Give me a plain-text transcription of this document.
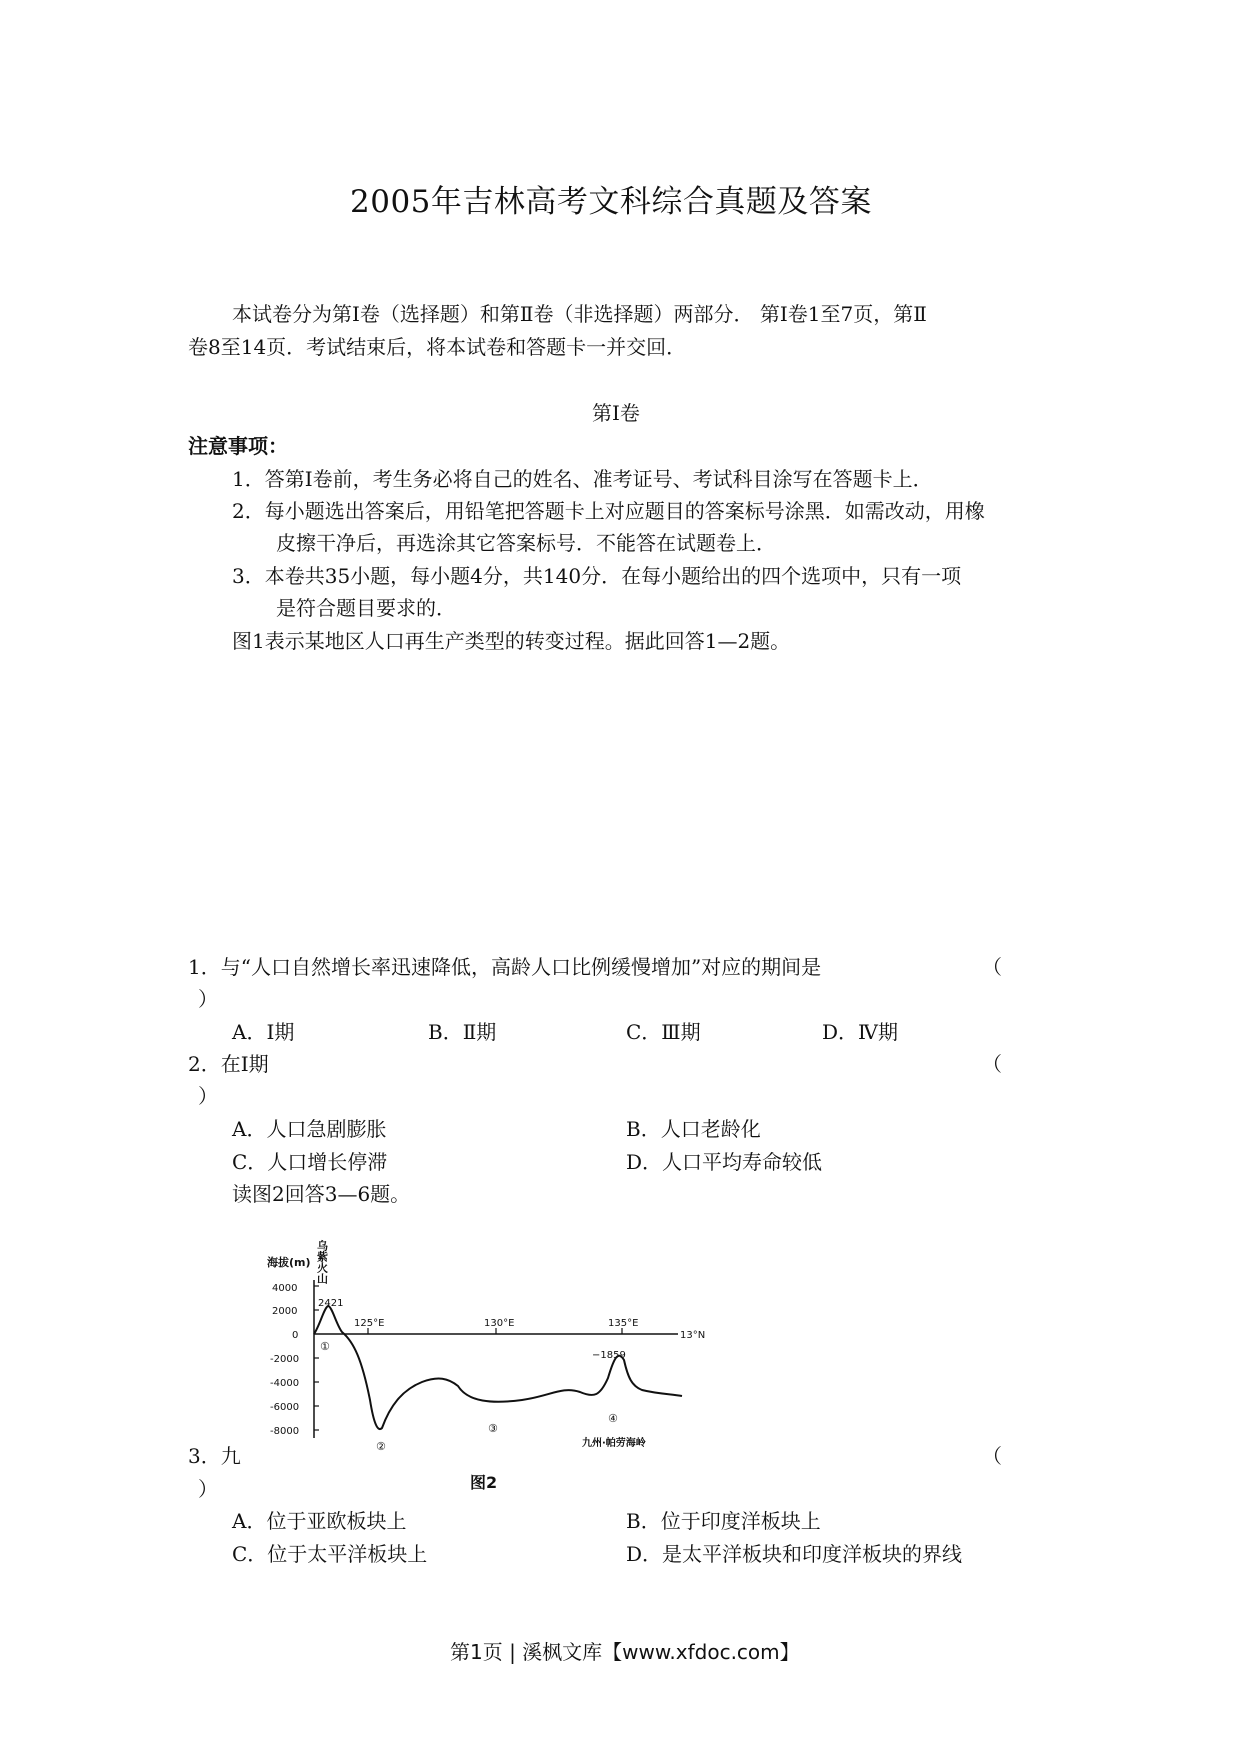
2005年吉林高考文科综合真题及答案
本试卷分为第Ⅰ卷（选择题）和第Ⅱ卷（非选择题）两部分． 第Ⅰ卷1至7页，第Ⅱ
卷8至14页．考试结束后，将本试卷和答题卡一并交回．
第Ⅰ卷
注意事项：
1．答第Ⅰ卷前，考生务必将自己的姓名、准考证号、考试科目涂写在答题卡上．
2．每小题选出答案后，用铅笔把答题卡上对应题目的答案标号涂黑．如需改动，用橡
皮擦干净后，再选涂其它答案标号．不能答在试题卷上．
3．本卷共35小题，每小题4分，共140分．在每小题给出的四个选项中，只有一项
是符合题目要求的．
图1表示某地区人口再生产类型的转变过程。据此回答1—2题。
1．与“人口自然增长率迅速降低，高龄人口比例缓慢增加”对应的期间是	（
）
A．Ⅰ期	B．Ⅱ期	C．Ⅲ期	D．Ⅳ期
2．在Ⅰ期	（
）
A．人口急剧膨胀	B．人口老龄化
C．人口增长停滞	D．人口平均寿命较低
读图2回答3—6题。
3．九	（
）
乌紫火山
海拔(m)
4000
2000
0
-2000
-4000
-6000
-8000
2421
125°E	130°E	135°E
13°N
−1859
①
②
③
④
九州·帕劳海岭
图2
A．位于亚欧板块上	B．位于印度洋板块上
C．位于太平洋板块上	D．是太平洋板块和印度洋板块的界线
第1页 | 溪枫文库【www.xfdoc.com】
